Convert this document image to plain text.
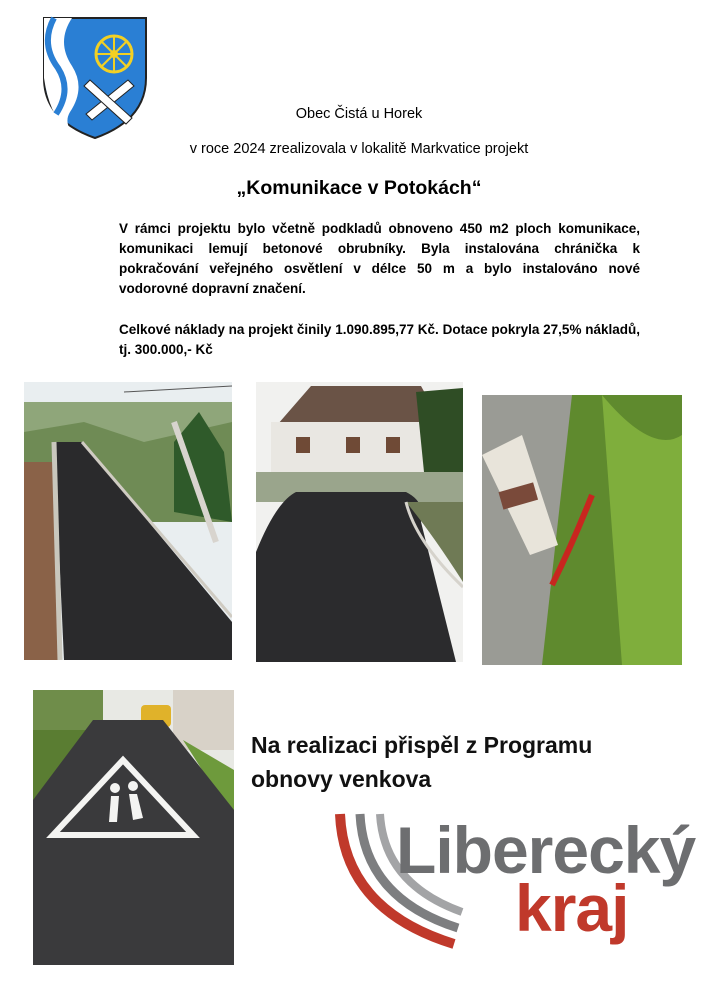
Obec Čistá u Horek
v roce 2024 zrealizovala v lokalitě Markvatice projekt
„Komunikace v Potokách“
V rámci projektu bylo včetně podkladů obnoveno 450 m2 ploch komunikace, komunikaci lemují betonové obrubníky. Byla instalována chránička k pokračování veřejného osvětlení v délce 50 m a bylo instalováno nové vodorovné dopravní značení.
Celkové náklady na projekt činily 1.090.895,77 Kč. Dotace pokryla 27,5% nákladů, tj. 300.000,- Kč
Na realizaci přispěl z Programu
obnovy venkova
Liberecký
kraj
